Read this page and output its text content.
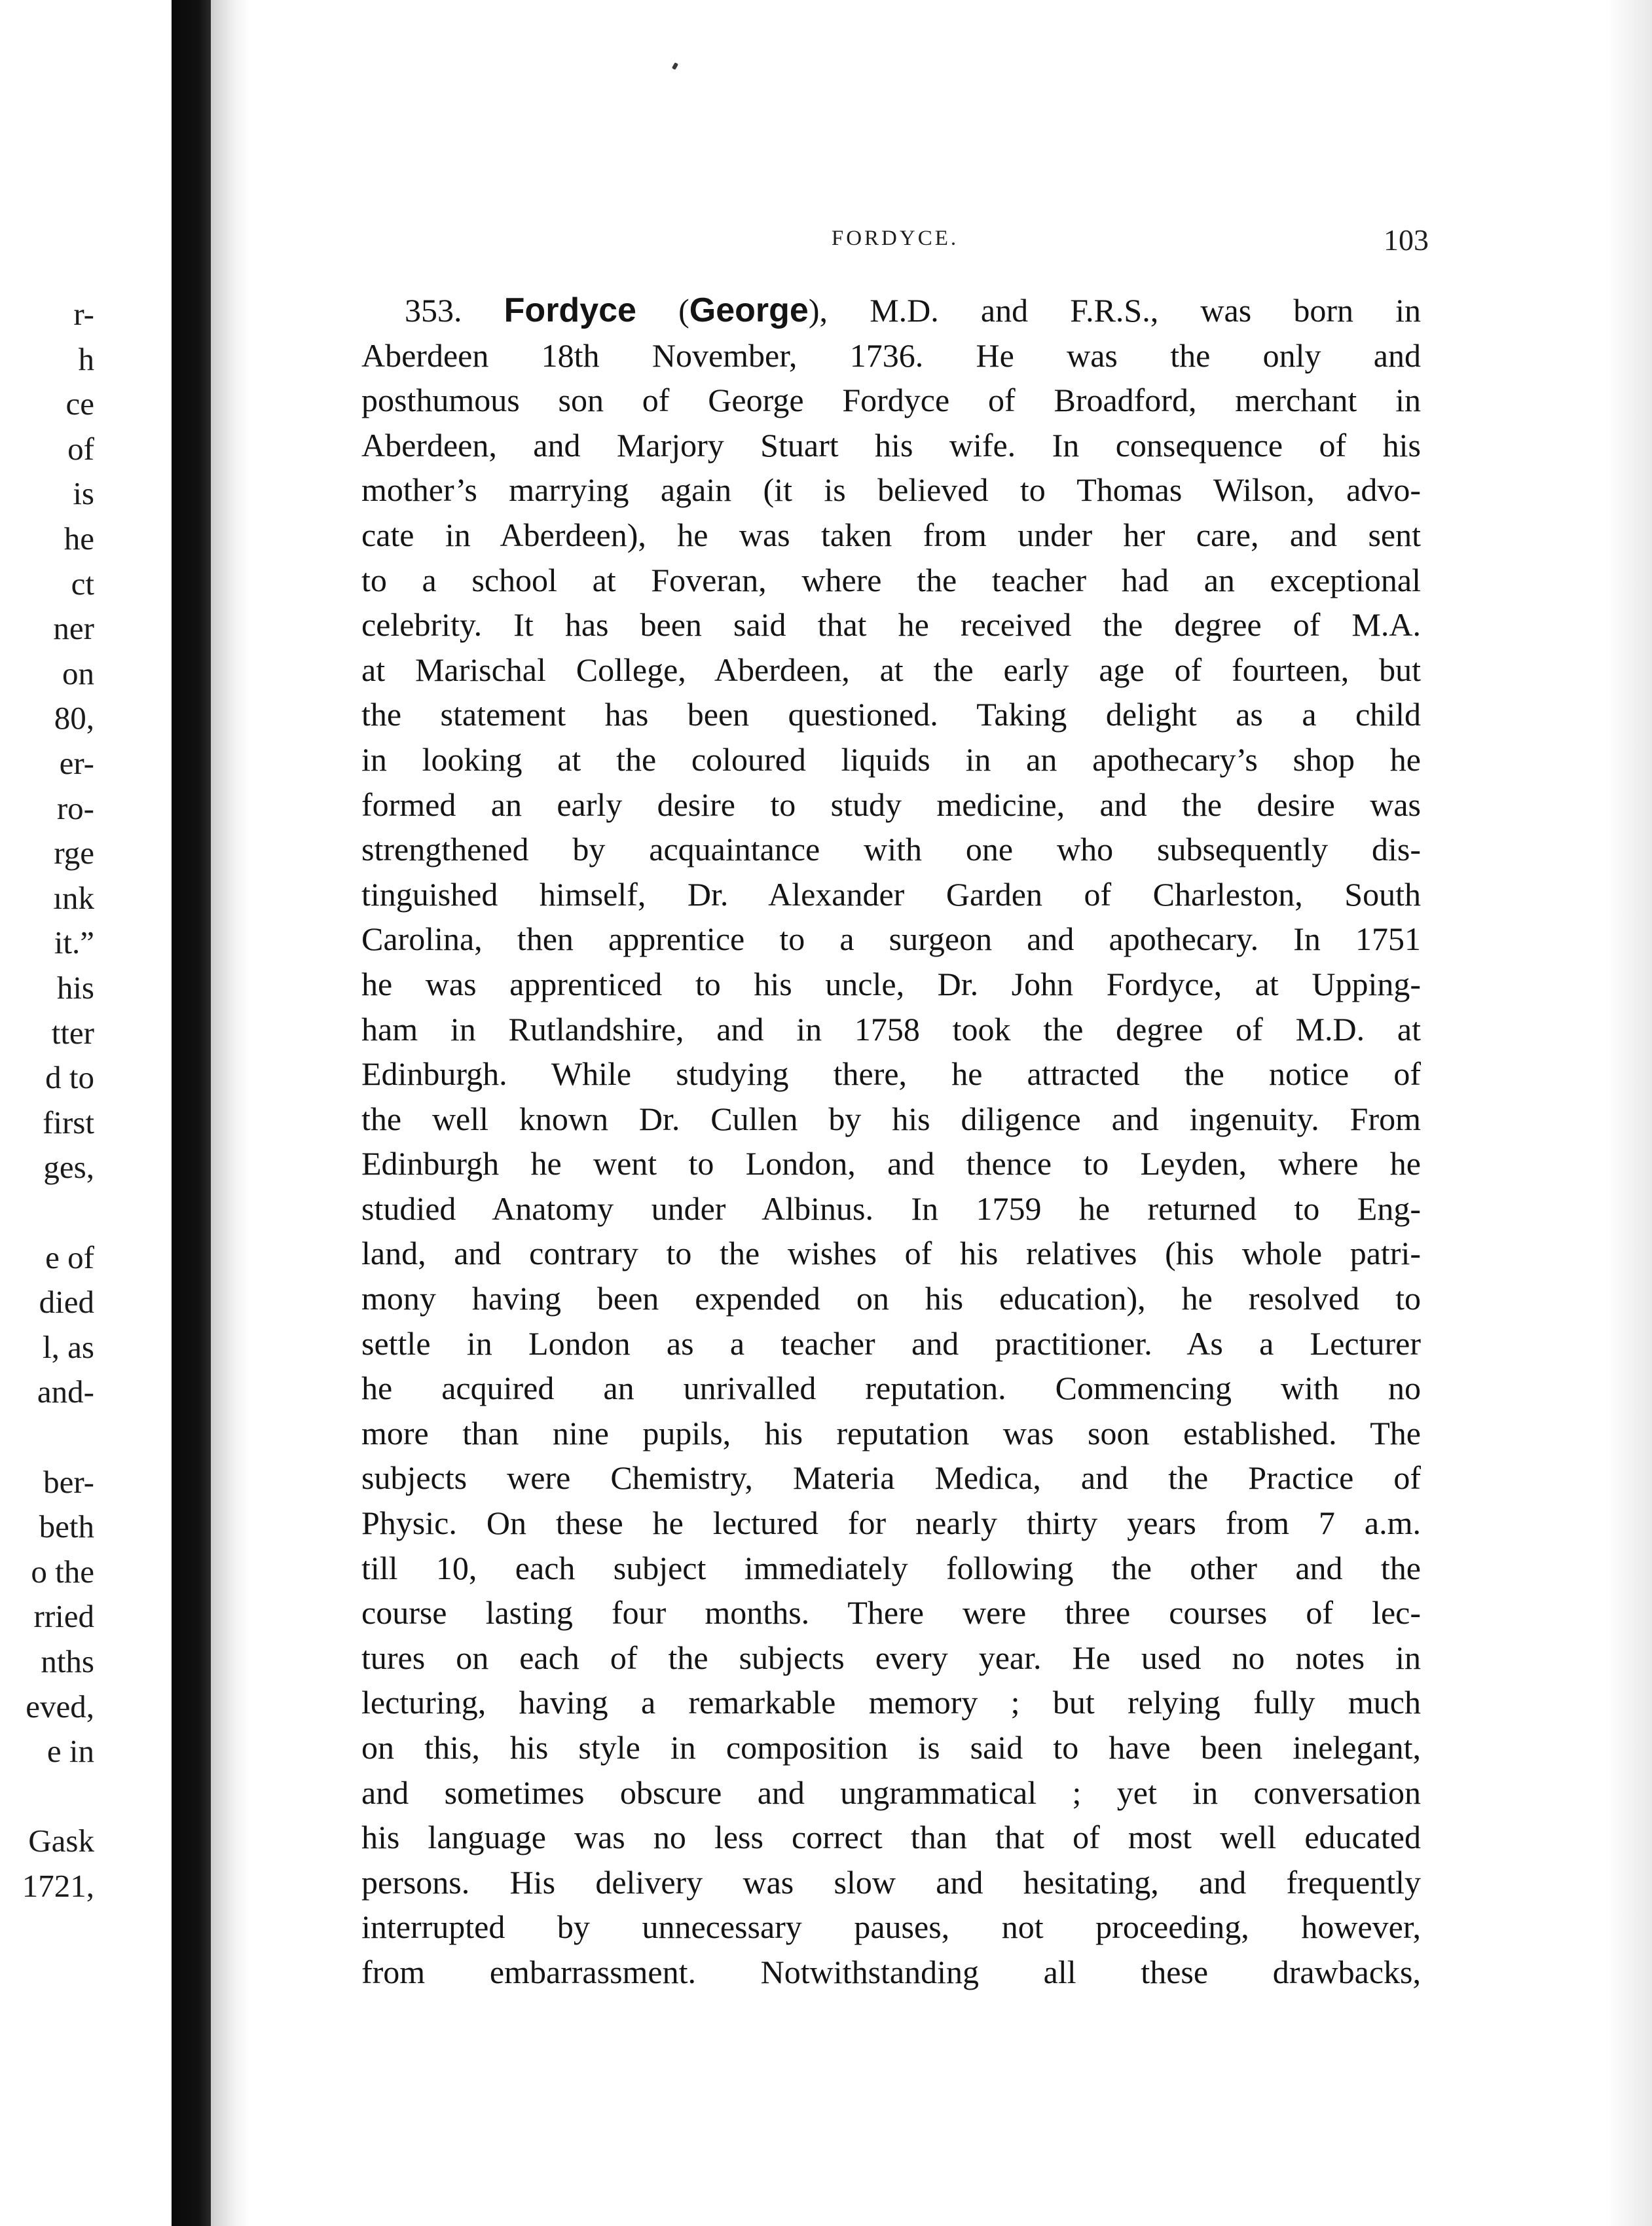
r-
h
ce
of
is
he
ct
ner
on
80,
er-
ro-
rge
ınk
it.”
his
tter
d to
first
ges,
e of
died
l, as
and-
ber-
beth
o the
rried
nths
eved,
e in
Gask
1721,
FORDYCE.	103
353. Fordyce (George), M.D. and F.R.S., was born in
Aberdeen 18th November, 1736. He was the only and
posthumous son of George Fordyce of Broadford, merchant in
Aberdeen, and Marjory Stuart his wife. In consequence of his
mother’s marrying again (it is believed to Thomas Wilson, advo-
cate in Aberdeen), he was taken from under her care, and sent
to a school at Foveran, where the teacher had an exceptional
celebrity. It has been said that he received the degree of M.A.
at Marischal College, Aberdeen, at the early age of fourteen, but
the statement has been questioned. Taking delight as a child
in looking at the coloured liquids in an apothecary’s shop he
formed an early desire to study medicine, and the desire was
strengthened by acquaintance with one who subsequently dis-
tinguished himself, Dr. Alexander Garden of Charleston, South
Carolina, then apprentice to a surgeon and apothecary. In 1751
he was apprenticed to his uncle, Dr. John Fordyce, at Upping-
ham in Rutlandshire, and in 1758 took the degree of M.D. at
Edinburgh. While studying there, he attracted the notice of
the well known Dr. Cullen by his diligence and ingenuity. From
Edinburgh he went to London, and thence to Leyden, where he
studied Anatomy under Albinus. In 1759 he returned to Eng-
land, and contrary to the wishes of his relatives (his whole patri-
mony having been expended on his education), he resolved to
settle in London as a teacher and practitioner. As a Lecturer
he acquired an unrivalled reputation. Commencing with no
more than nine pupils, his reputation was soon established. The
subjects were Chemistry, Materia Medica, and the Practice of
Physic. On these he lectured for nearly thirty years from 7 a.m.
till 10, each subject immediately following the other and the
course lasting four months. There were three courses of lec-
tures on each of the subjects every year. He used no notes in
lecturing, having a remarkable memory ; but relying fully much
on this, his style in composition is said to have been inelegant,
and sometimes obscure and ungrammatical ; yet in conversation
his language was no less correct than that of most well educated
persons. His delivery was slow and hesitating, and frequently
interrupted by unnecessary pauses, not proceeding, however,
from embarrassment. Notwithstanding all these drawbacks,
